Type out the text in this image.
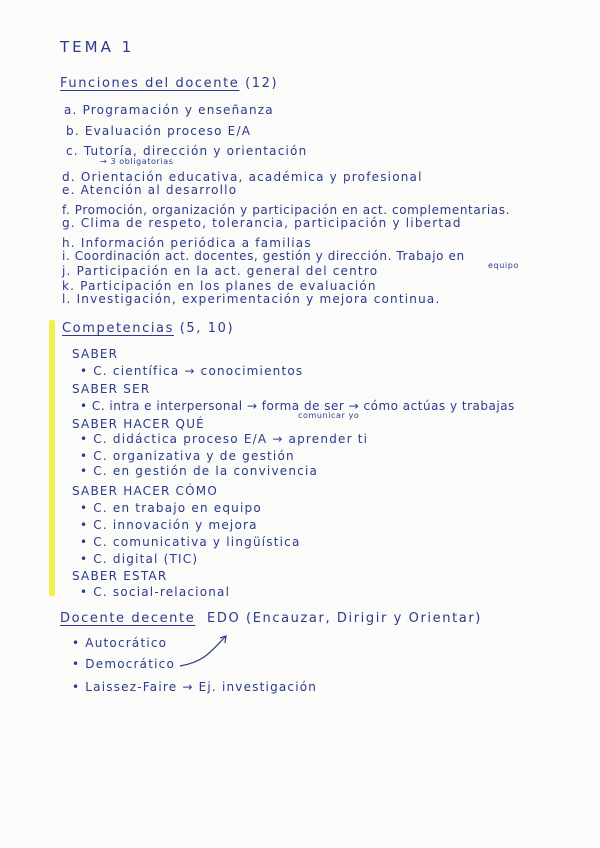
TEMA 1
Funciones del docente (12)
a. Programación y enseñanza
b. Evaluación proceso E/A
c. Tutoría, dirección y orientación
→ 3 obligatorias
d. Orientación educativa, académica y profesional
e. Atención al desarrollo
f. Promoción, organización y participación en act. complementarias.
g. Clima de respeto, tolerancia, participación y libertad
h. Información periódica a familias
i. Coordinación act. docentes, gestión y dirección. Trabajo en
equipo
j. Participación en la act. general del centro
k. Participación en los planes de evaluación
l. Investigación, experimentación y mejora continua.
Competencias (5, 10)
SABER
• C. científica → conocimientos
SABER SER
• C. intra e interpersonal → forma de ser → cómo actúas y trabajas
comunicar yo
SABER HACER QUÉ
• C. didáctica proceso E/A → aprender ti
• C. organizativa y de gestión
• C. en gestión de la convivencia
SABER HACER CÓMO
• C. en trabajo en equipo
• C. innovación y mejora
• C. comunicativa y lingüística
• C. digital (TIC)
SABER ESTAR
• C. social-relacional
Docente decente EDO (Encauzar, Dirigir y Orientar)
• Autocrático
• Democrático
• Laissez-Faire → Ej. investigación
